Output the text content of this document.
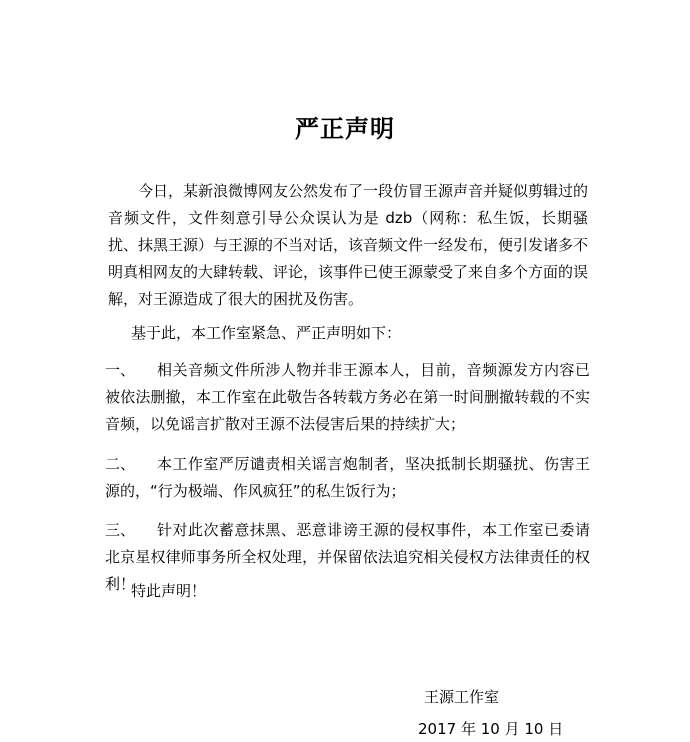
严正声明
今日，某新浪微博网友公然发布了一段仿冒王源声音并疑似剪辑过的音频文件，文件刻意引导公众误认为是 dzb（网称：私生饭，长期骚扰、抹黑王源）与王源的不当对话，该音频文件一经发布，便引发诸多不明真相网友的大肆转载、评论，该事件已使王源蒙受了来自多个方面的误解，对王源造成了很大的困扰及伤害。
基于此，本工作室紧急、严正声明如下：
一、	相关音频文件所涉人物并非王源本人，目前，音频源发方内容已被依法删撤，本工作室在此敬告各转载方务必在第一时间删撤转载的不实音频，以免谣言扩散对王源不法侵害后果的持续扩大；
二、	本工作室严厉谴责相关谣言炮制者，坚决抵制长期骚扰、伤害王源的，“行为极端、作风疯狂”的私生饭行为；
三、	针对此次蓄意抹黑、恶意诽谤王源的侵权事件，本工作室已委请北京星权律师事务所全权处理，并保留依法追究相关侵权方法律责任的权利！
特此声明！
王源工作室
2017 年 10 月 10 日
